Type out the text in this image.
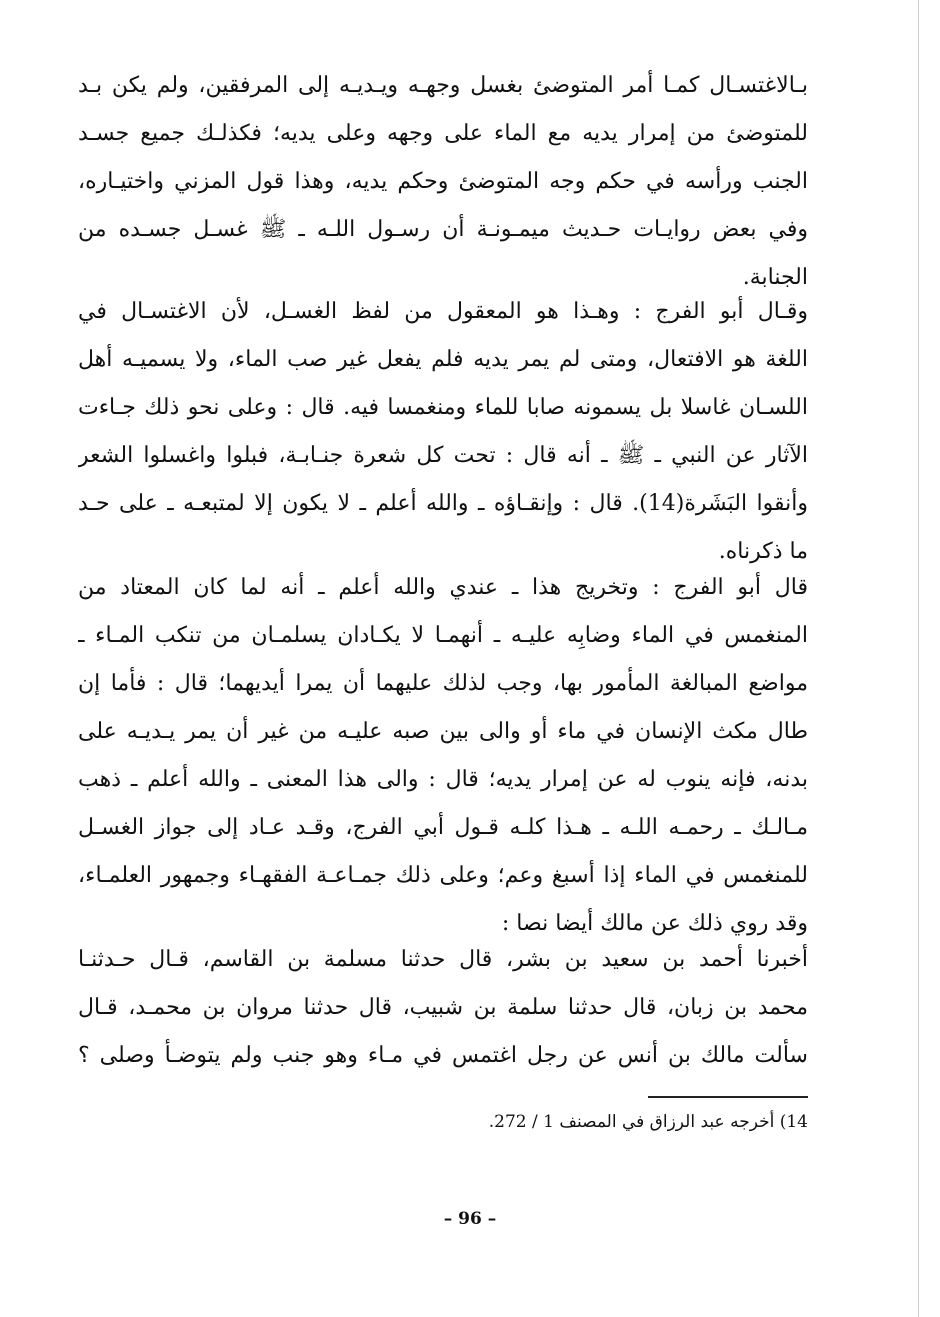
بـالاغتسـال كمـا أمر المتوضئ بغسل وجهـه ويـديـه إلى المرفقين، ولم يكن بـد
للمتوضئ من إمرار يديه مع الماء على وجهه وعلى يديه؛ فكذلـك جميع جسـد
الجنب ورأسه في حكم وجه المتوضئ وحكم يديه، وهذا قول المزني واختيـاره،
وفي بعض روايـات حـديث ميمـونـة أن رسـول اللـه ـ ﷺ غسـل جسـده من
الجنابة.
وقـال أبو الفرج : وهـذا هو المعقول من لفظ الغسـل، لأن الاغتسـال في
اللغة هو الافتعال، ومتى لم يمر يديه فلم يفعل غير صب الماء، ولا يسميـه أهل
اللسـان غاسلا بل يسمونه صابا للماء ومنغمسا فيه. قال : وعلى نحو ذلك جـاءت
الآثار عن النبي ـ ﷺ ـ أنه قال : تحت كل شعرة جنـابـة، فبلوا واغسلوا الشعر
وأنقوا البَشَرة(14). قال : وإنقـاؤه ـ والله أعلم ـ لا يكون إلا لمتبعـه ـ على حـد
ما ذكرناه.
قال أبو الفرج : وتخريج هذا ـ عندي والله أعلم ـ أنه لما كان المعتاد من
المنغمس في الماء وضابِه عليـه ـ أنهمـا لا يكـادان يسلمـان من تنكب المـاء ـ
مواضع المبالغة المأمور بها، وجب لذلك عليهما أن يمرا أيديهما؛ قال : فأما إن
طال مكث الإنسان في ماء أو والى بين صبه عليـه من غير أن يمر يـديـه على
بدنه، فإنه ينوب له عن إمرار يديه؛ قال : والى هذا المعنى ـ والله أعلم ـ ذهب
مـالـك ـ رحمـه اللـه ـ هـذا كلـه قـول أبي الفرج، وقـد عـاد إلى جواز الغسـل
للمنغمس في الماء إذا أسبغ وعم؛ وعلى ذلك جمـاعـة الفقهـاء وجمهور العلمـاء،
وقد روي ذلك عن مالك أيضا نصا :
أخبرنا أحمد بن سعيد بن بشر، قال حدثنا مسلمة بن القاسم، قـال حـدثنـا
محمد بن زبان، قال حدثنا سلمة بن شبيب، قال حدثنا مروان بن محمـد، قـال
سألت مالك بن أنس عن رجل اغتمس في مـاء وهو جنب ولم يتوضـأ وصلى ؟
14) أخرجه عبد الرزاق في المصنف 1 / 272.
– 96 –
